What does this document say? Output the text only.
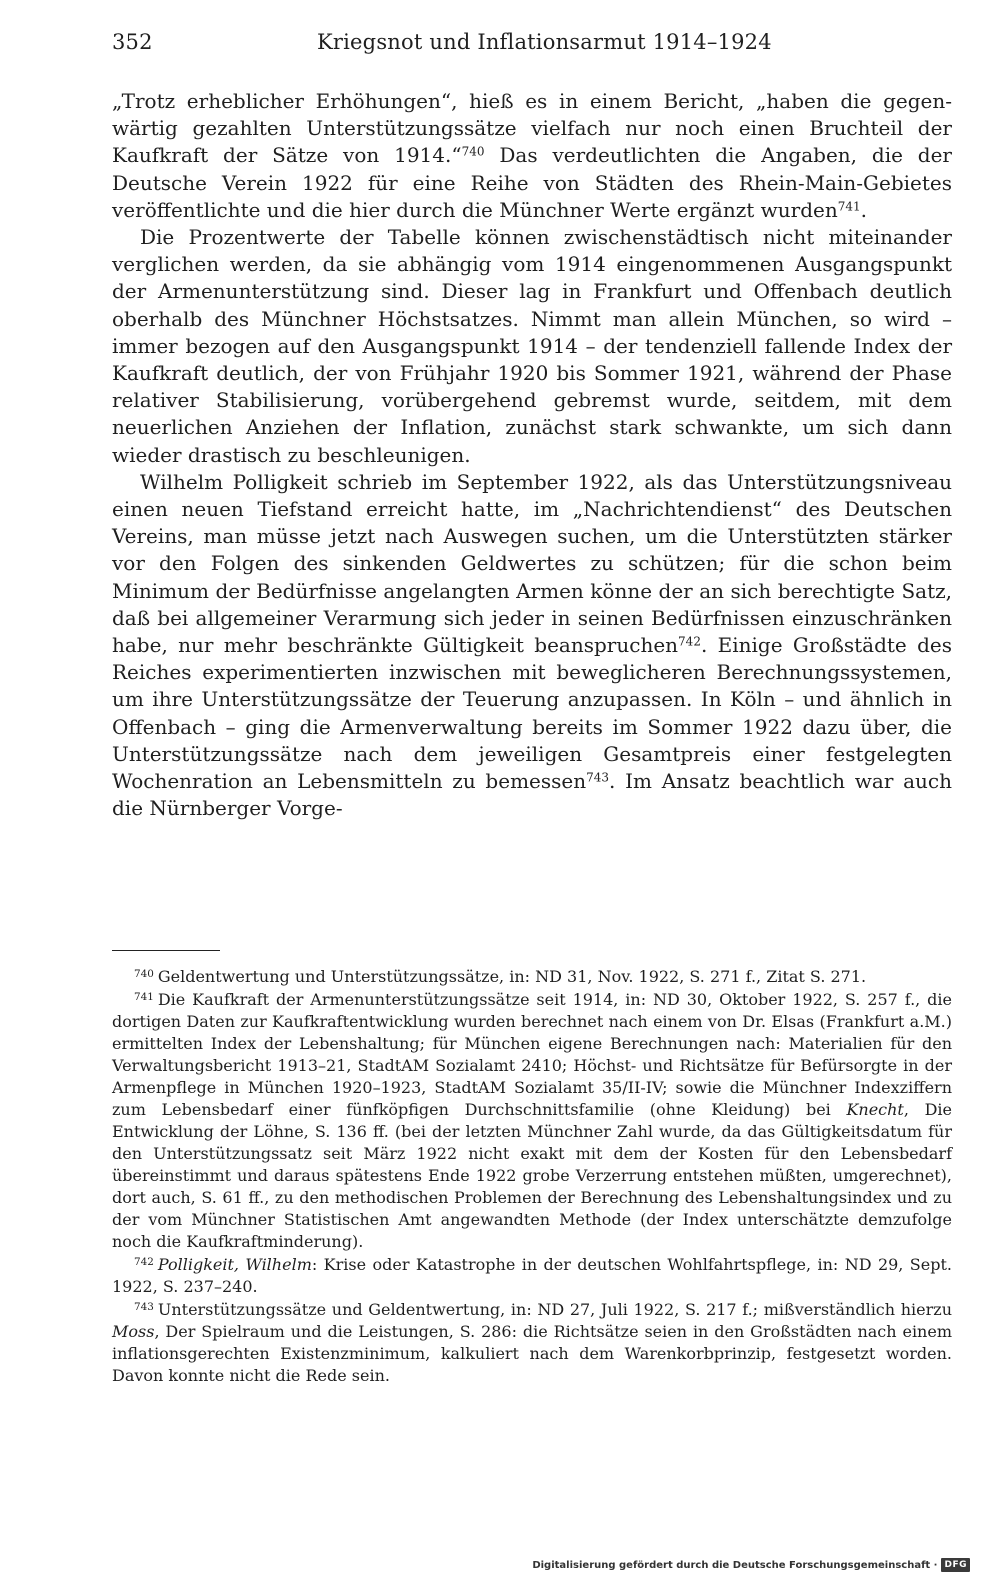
352	Kriegsnot und Inflationsarmut 1914–1924

„Trotz erheblicher Erhöhungen“, hieß es in einem Bericht, „haben die gegenwärtig gezahlten Unterstützungssätze vielfach nur noch einen Bruchteil der Kaufkraft der Sätze von 1914.“$^{740}$ Das verdeutlichten die Angaben, die der Deutsche Verein 1922 für eine Reihe von Städten des Rhein-Main-Gebietes veröffentlichte und die hier durch die Münchner Werte ergänzt wurden$^{741}$.

Die Prozentwerte der Tabelle können zwischenstädtisch nicht miteinander verglichen werden, da sie abhängig vom 1914 eingenommenen Ausgangspunkt der Armenunterstützung sind. Dieser lag in Frankfurt und Offenbach deutlich oberhalb des Münchner Höchstsatzes. Nimmt man allein München, so wird – immer bezogen auf den Ausgangspunkt 1914 – der tendenziell fallende Index der Kaufkraft deutlich, der von Frühjahr 1920 bis Sommer 1921, während der Phase relativer Stabilisierung, vorübergehend gebremst wurde, seitdem, mit dem neuerlichen Anziehen der Inflation, zunächst stark schwankte, um sich dann wieder drastisch zu beschleunigen.

Wilhelm Polligkeit schrieb im September 1922, als das Unterstützungsniveau einen neuen Tiefstand erreicht hatte, im „Nachrichtendienst“ des Deutschen Vereins, man müsse jetzt nach Auswegen suchen, um die Unterstützten stärker vor den Folgen des sinkenden Geldwertes zu schützen; für die schon beim Minimum der Bedürfnisse angelangten Armen könne der an sich berechtigte Satz, daß bei allgemeiner Verarmung sich jeder in seinen Bedürfnissen einzuschränken habe, nur mehr beschränkte Gültigkeit beanspruchen$^{742}$. Einige Großstädte des Reiches experimentierten inzwischen mit beweglicheren Berechnungssystemen, um ihre Unterstützungssätze der Teuerung anzupassen. In Köln – und ähnlich in Offenbach – ging die Armenverwaltung bereits im Sommer 1922 dazu über, die Unterstützungssätze nach dem jeweiligen Gesamtpreis einer festgelegten Wochenration an Lebensmitteln zu bemessen$^{743}$. Im Ansatz beachtlich war auch die Nürnberger Vorge-

$^{740}$ Geldentwertung und Unterstützungssätze, in: ND 31, Nov. 1922, S. 271 f., Zitat S. 271.

$^{741}$ Die Kaufkraft der Armenunterstützungssätze seit 1914, in: ND 30, Oktober 1922, S. 257 f., die dortigen Daten zur Kaufkraftentwicklung wurden berechnet nach einem von Dr. Elsas (Frankfurt a.M.) ermittelten Index der Lebenshaltung; für München eigene Berechnungen nach: Materialien für den Verwaltungsbericht 1913–21, StadtAM Sozialamt 2410; Höchst- und Richtsätze für Befürsorgte in der Armenpflege in München 1920–1923, StadtAM Sozialamt 35/II-IV; sowie die Münchner Indexziffern zum Lebensbedarf einer fünfköpfigen Durchschnittsfamilie (ohne Kleidung) bei Knecht, Die Entwicklung der Löhne, S. 136 ff. (bei der letzten Münchner Zahl wurde, da das Gültigkeitsdatum für den Unterstützungssatz seit März 1922 nicht exakt mit dem der Kosten für den Lebensbedarf übereinstimmt und daraus spätestens Ende 1922 grobe Verzerrung entstehen müßten, umgerechnet), dort auch, S. 61 ff., zu den methodischen Problemen der Berechnung des Lebenshaltungsindex und zu der vom Münchner Statistischen Amt angewandten Methode (der Index unterschätzte demzufolge noch die Kaufkraftminderung).

$^{742}$ Polligkeit, Wilhelm: Krise oder Katastrophe in der deutschen Wohlfahrtspflege, in: ND 29, Sept. 1922, S. 237–240.

$^{743}$ Unterstützungssätze und Geldentwertung, in: ND 27, Juli 1922, S. 217 f.; mißverständlich hierzu Moss, Der Spielraum und die Leistungen, S. 286: die Richtsätze seien in den Großstädten nach einem inflationsgerechten Existenzminimum, kalkuliert nach dem Warenkorbprinzip, festgesetzt worden. Davon konnte nicht die Rede sein.

Digitalisierung gefördert durch die Deutsche Forschungsgemeinschaft · DFG
